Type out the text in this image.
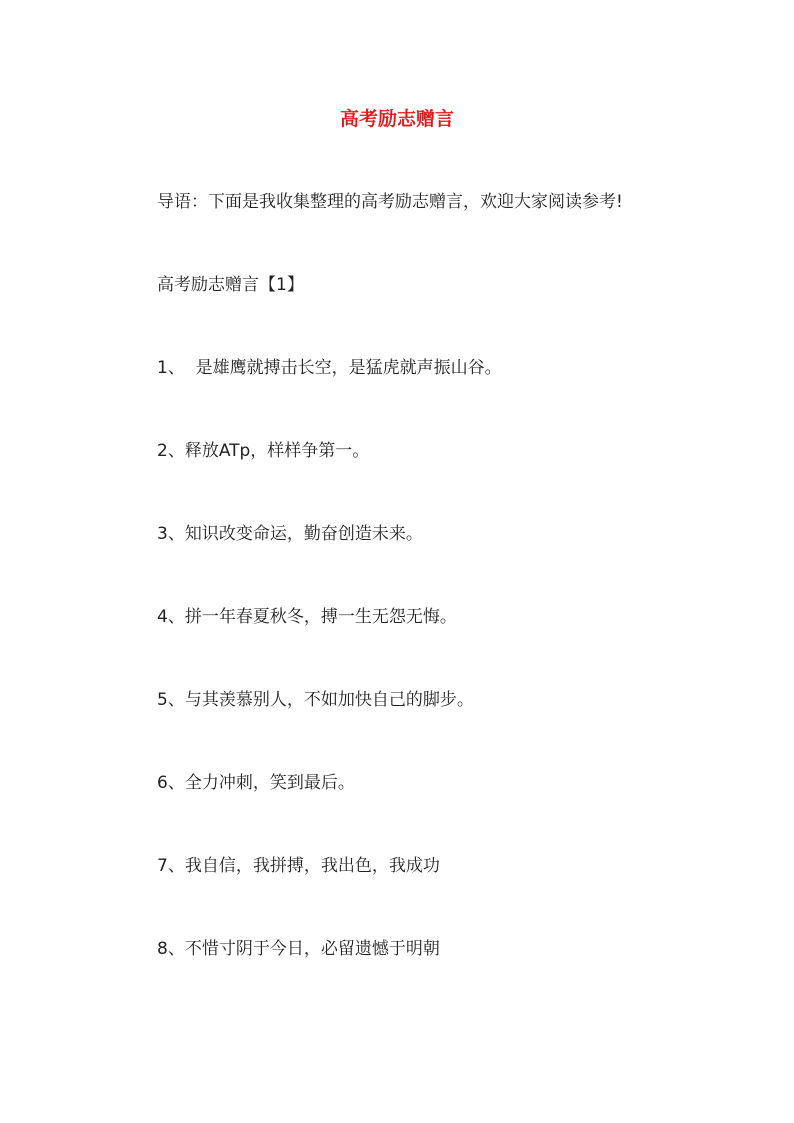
高考励志赠言
导语：下面是我收集整理的高考励志赠言，欢迎大家阅读参考!
高考励志赠言【1】
1、  是雄鹰就搏击长空，是猛虎就声振山谷。
2、释放ATp，样样争第一。
3、知识改变命运，勤奋创造未来。
4、拼一年春夏秋冬，搏一生无怨无悔。
5、与其羡慕别人，不如加快自己的脚步。
6、全力冲刺，笑到最后。
7、我自信，我拼搏，我出色，我成功
8、不惜寸阴于今日，必留遗憾于明朝
